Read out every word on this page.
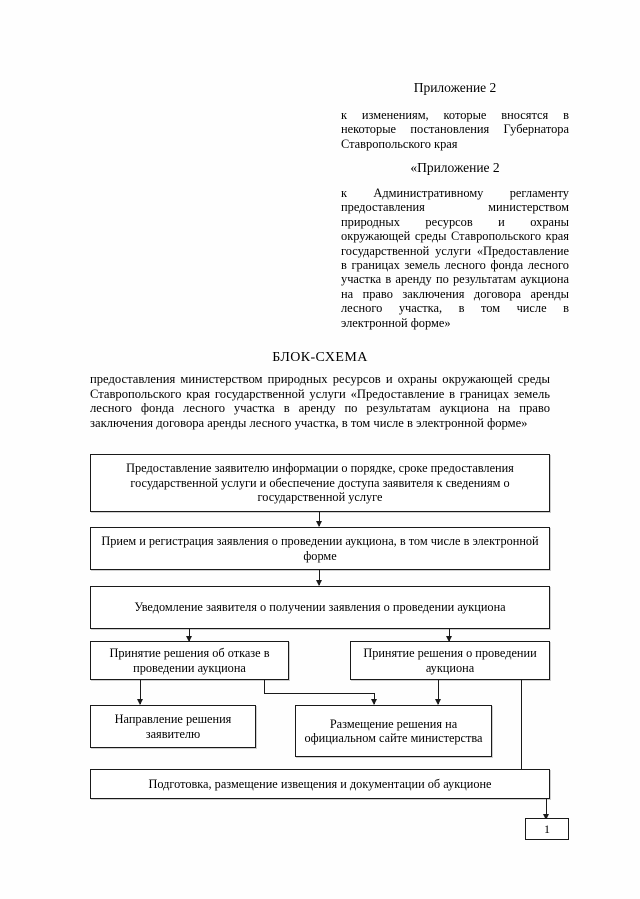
Приложение 2
к изменениям, которые вносятся в некоторые постановления Губернатора Ставропольского края
«Приложение 2
к Административному регламенту предоставления министерством природных ресурсов и охраны окружающей среды Ставропольского края государственной услуги «Предоставление в границах земель лесного фонда лесного участка в аренду по результатам аукциона на право заключения договора аренды лесного участка, в том числе в электронной форме»
БЛОК-СХЕМА
предоставления министерством природных ресурсов и охраны окружающей среды Ставропольского края государственной услуги «Предоставление в границах земель лесного фонда лесного участка в аренду по результатам аукциона на право заключения договора аренды лесного участка, в том числе в электронной форме»
Предоставление заявителю информации о порядке, сроке предоставления государственной услуги и обеспечение доступа заявителя к сведениям о государственной услуге
Прием и регистрация заявления о проведении аукциона, в том числе в электронной форме
Уведомление заявителя о получении заявления о проведении аукциона
Принятие решения об отказе в проведении аукциона
Принятие решения о проведении аукциона
Направление решения заявителю
Размещение решения на официальном сайте министерства
Подготовка, размещение извещения и документации об аукционе
1
